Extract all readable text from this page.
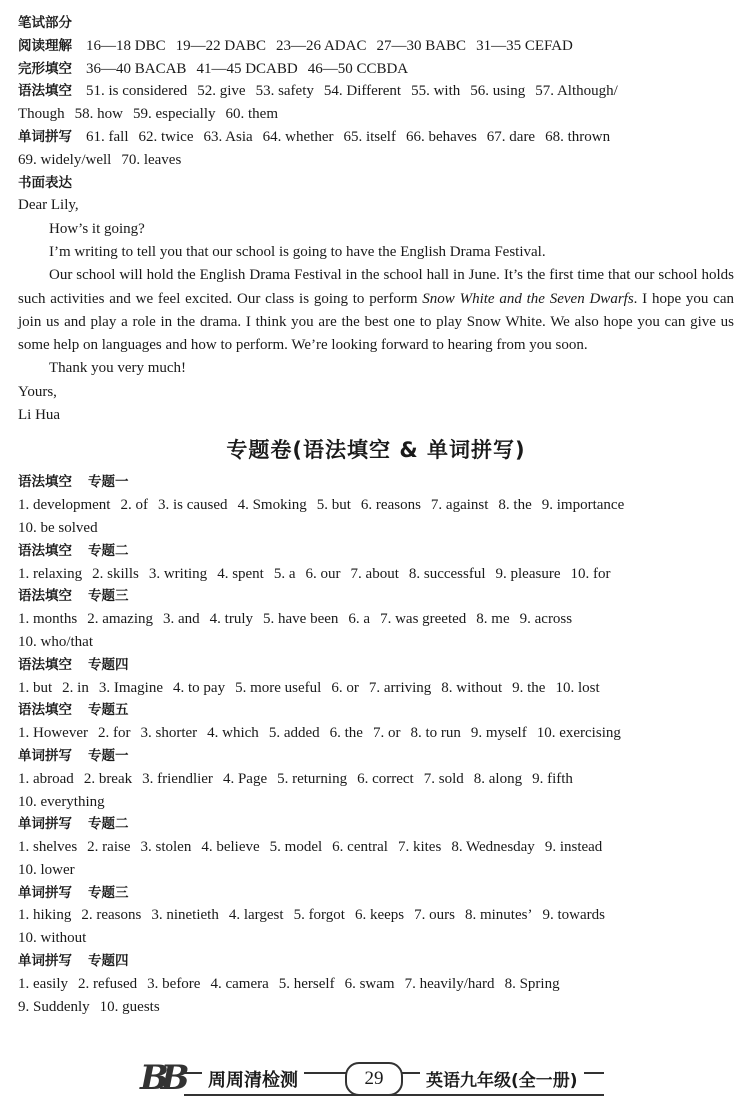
笔试部分
阅读理解 16—18 DBC 19—22 DABC 23—26 ADAC 27—30 BABC 31—35 CEFAD
完形填空 36—40 BACAB 41—45 DCABD 46—50 CCBDA
语法填空 51. is considered 52. give 53. safety 54. Different 55. with 56. using 57. Although/
Though 58. how 59. especially 60. them
单词拼写 61. fall 62. twice 63. Asia 64. whether 65. itself 66. behaves 67. dare 68. thrown
69. widely/well 70. leaves
书面表达

Dear Lily,

How’s it going?

I’m writing to tell you that our school is going to have the English Drama Festival.

Our school will hold the English Drama Festival in the school hall in June. It’s the first time that our school holds such activities and we feel excited. Our class is going to perform Snow White and the Seven Dwarfs. I hope you can join us and play a role in the drama. I think you are the best one to play Snow White. We also hope you can give us some help on languages and how to perform. We’re looking forward to hearing from you soon.

Thank you very much!

Yours,

Li Hua

专题卷(语法填空 & 单词拼写)
语法填空 专题一
1. development 2. of 3. is caused 4. Smoking 5. but 6. reasons 7. against 8. the 9. importance
10. be solved
语法填空 专题二
1. relaxing 2. skills 3. writing 4. spent 5. a 6. our 7. about 8. successful 9. pleasure 10. for
语法填空 专题三
1. months 2. amazing 3. and 4. truly 5. have been 6. a 7. was greeted 8. me 9. across
10. who/that
语法填空 专题四
1. but 2. in 3. Imagine 4. to pay 5. more useful 6. or 7. arriving 8. without 9. the 10. lost
语法填空 专题五
1. However 2. for 3. shorter 4. which 5. added 6. the 7. or 8. to run 9. myself 10. exercising
单词拼写 专题一
1. abroad 2. break 3. friendlier 4. Page 5. returning 6. correct 7. sold 8. along 9. fifth
10. everything
单词拼写 专题二
1. shelves 2. raise 3. stolen 4. believe 5. model 6. central 7. kites 8. Wednesday 9. instead
10. lower
单词拼写 专题三
1. hiking 2. reasons 3. ninetieth 4. largest 5. forgot 6. keeps 7. ours 8. minutes’ 9. towards
10. without
单词拼写 专题四
1. easily 2. refused 3. before 4. camera 5. herself 6. swam 7. heavily/hard 8. Spring
9. Suddenly 10. guests
BB	周周清检测	29	英语九年级(全一册)
